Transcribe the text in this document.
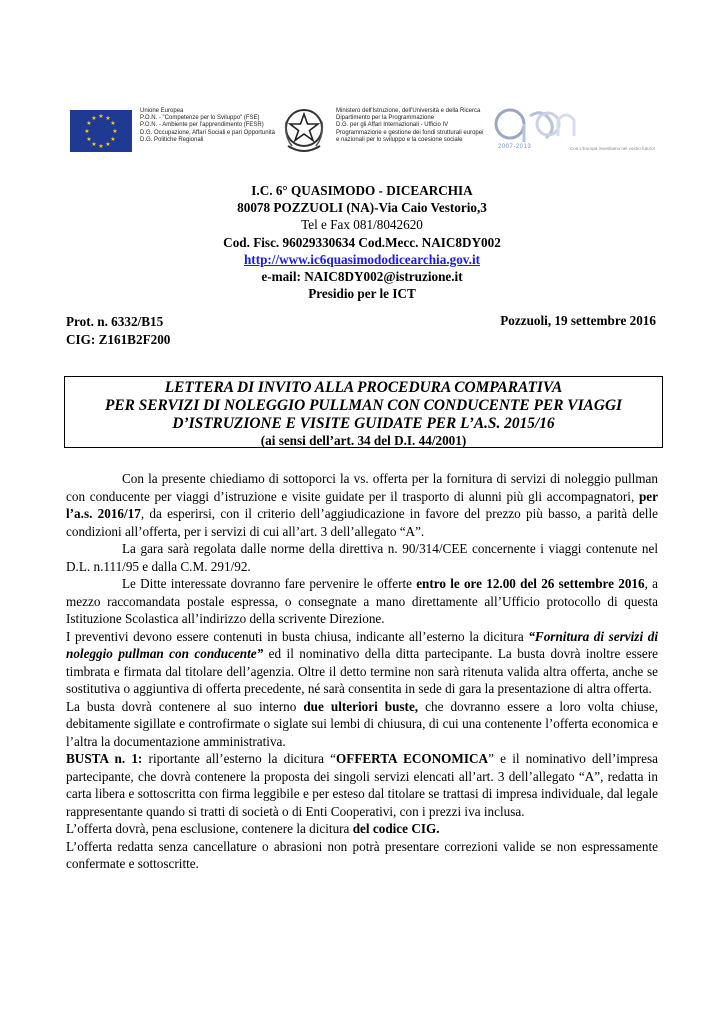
★ ★
★
★
★
★
★
★
★
★
★
★
Unione Europea
P.O.N. - "Competenze per lo Sviluppo" (FSE)
P.O.N. - Ambiente per l'apprendimento (FESR)
D.G. Occupazione, Affari Sociali e pari Opportunità
D.G. Politiche Regionali
Ministero dell'Istruzione, dell'Università e della Ricerca
Dipartimento per la Programmazione
D.G. per gli Affari Internazionali - Ufficio IV
Programmazione e gestione dei fondi strutturali europei
e nazionali per lo sviluppo e la coesione sociale
2007-2013	Con L'Europa investiamo nel vostro futuro!
I.C. 6° QUASIMODO - DICEARCHIA
80078 POZZUOLI (NA)-Via Caio Vestorio,3
Tel e Fax 081/8042620
Cod. Fisc. 96029330634 Cod.Mecc. NAIC8DY002
http://www.ic6quasimododicearchia.gov.it
e-mail: NAIC8DY002@istruzione.it
Presidio per le ICT
Prot. n. 6332/B15
CIG: Z161B2F200
Pozzuoli, 19 settembre 2016
LETTERA DI INVITO ALLA PROCEDURA COMPARATIVA
PER SERVIZI DI NOLEGGIO PULLMAN CON CONDUCENTE PER VIAGGI
D’ISTRUZIONE E VISITE GUIDATE PER L’A.S. 2015/16
(ai sensi dell’art. 34 del D.I. 44/2001)

Con la presente chiediamo di sottoporci la vs. offerta per la fornitura di servizi di noleggio pullman con conducente per viaggi d’istruzione e visite guidate per il trasporto di alunni più gli accompagnatori, per l’a.s. 2016/17, da esperirsi, con il criterio dell’aggiudicazione in favore del prezzo più basso, a parità delle condizioni all’offerta, per i servizi di cui all’art. 3 dell’allegato “A”.

La gara sarà regolata dalle norme della direttiva n. 90/314/CEE concernente i viaggi contenute nel D.L. n.111/95 e dalla C.M. 291/92.

Le Ditte interessate dovranno fare pervenire le offerte entro le ore 12.00 del 26 settembre 2016, a mezzo raccomandata postale espressa, o consegnate a mano direttamente all’Ufficio protocollo di questa Istituzione Scolastica all’indirizzo della scrivente Direzione.

I preventivi devono essere contenuti in busta chiusa, indicante all’esterno la dicitura “Fornitura di servizi di noleggio pullman con conducente” ed il nominativo della ditta partecipante. La busta dovrà inoltre essere timbrata e firmata dal titolare dell’agenzia. Oltre il detto termine non sarà ritenuta valida altra offerta, anche se sostitutiva o aggiuntiva di offerta precedente, né sarà consentita in sede di gara la presentazione di altra offerta.

La busta dovrà contenere al suo interno due ulteriori buste, che dovranno essere a loro volta chiuse, debitamente sigillate e controfirmate o siglate sui lembi di chiusura, di cui una contenente l’offerta economica e l’altra la documentazione amministrativa.

BUSTA n. 1: riportante all’esterno la dicitura “OFFERTA ECONOMICA” e il nominativo dell’impresa partecipante, che dovrà contenere la proposta dei singoli servizi elencati all’art. 3 dell’allegato “A”, redatta in carta libera e sottoscritta con firma leggibile e per esteso dal titolare se trattasi di impresa individuale, dal legale rappresentante quando si tratti di società o di Enti Cooperativi, con i prezzi iva inclusa.

L’offerta dovrà, pena esclusione, contenere la dicitura del codice CIG.

L’offerta redatta senza cancellature o abrasioni non potrà presentare correzioni valide se non espressamente confermate e sottoscritte.
